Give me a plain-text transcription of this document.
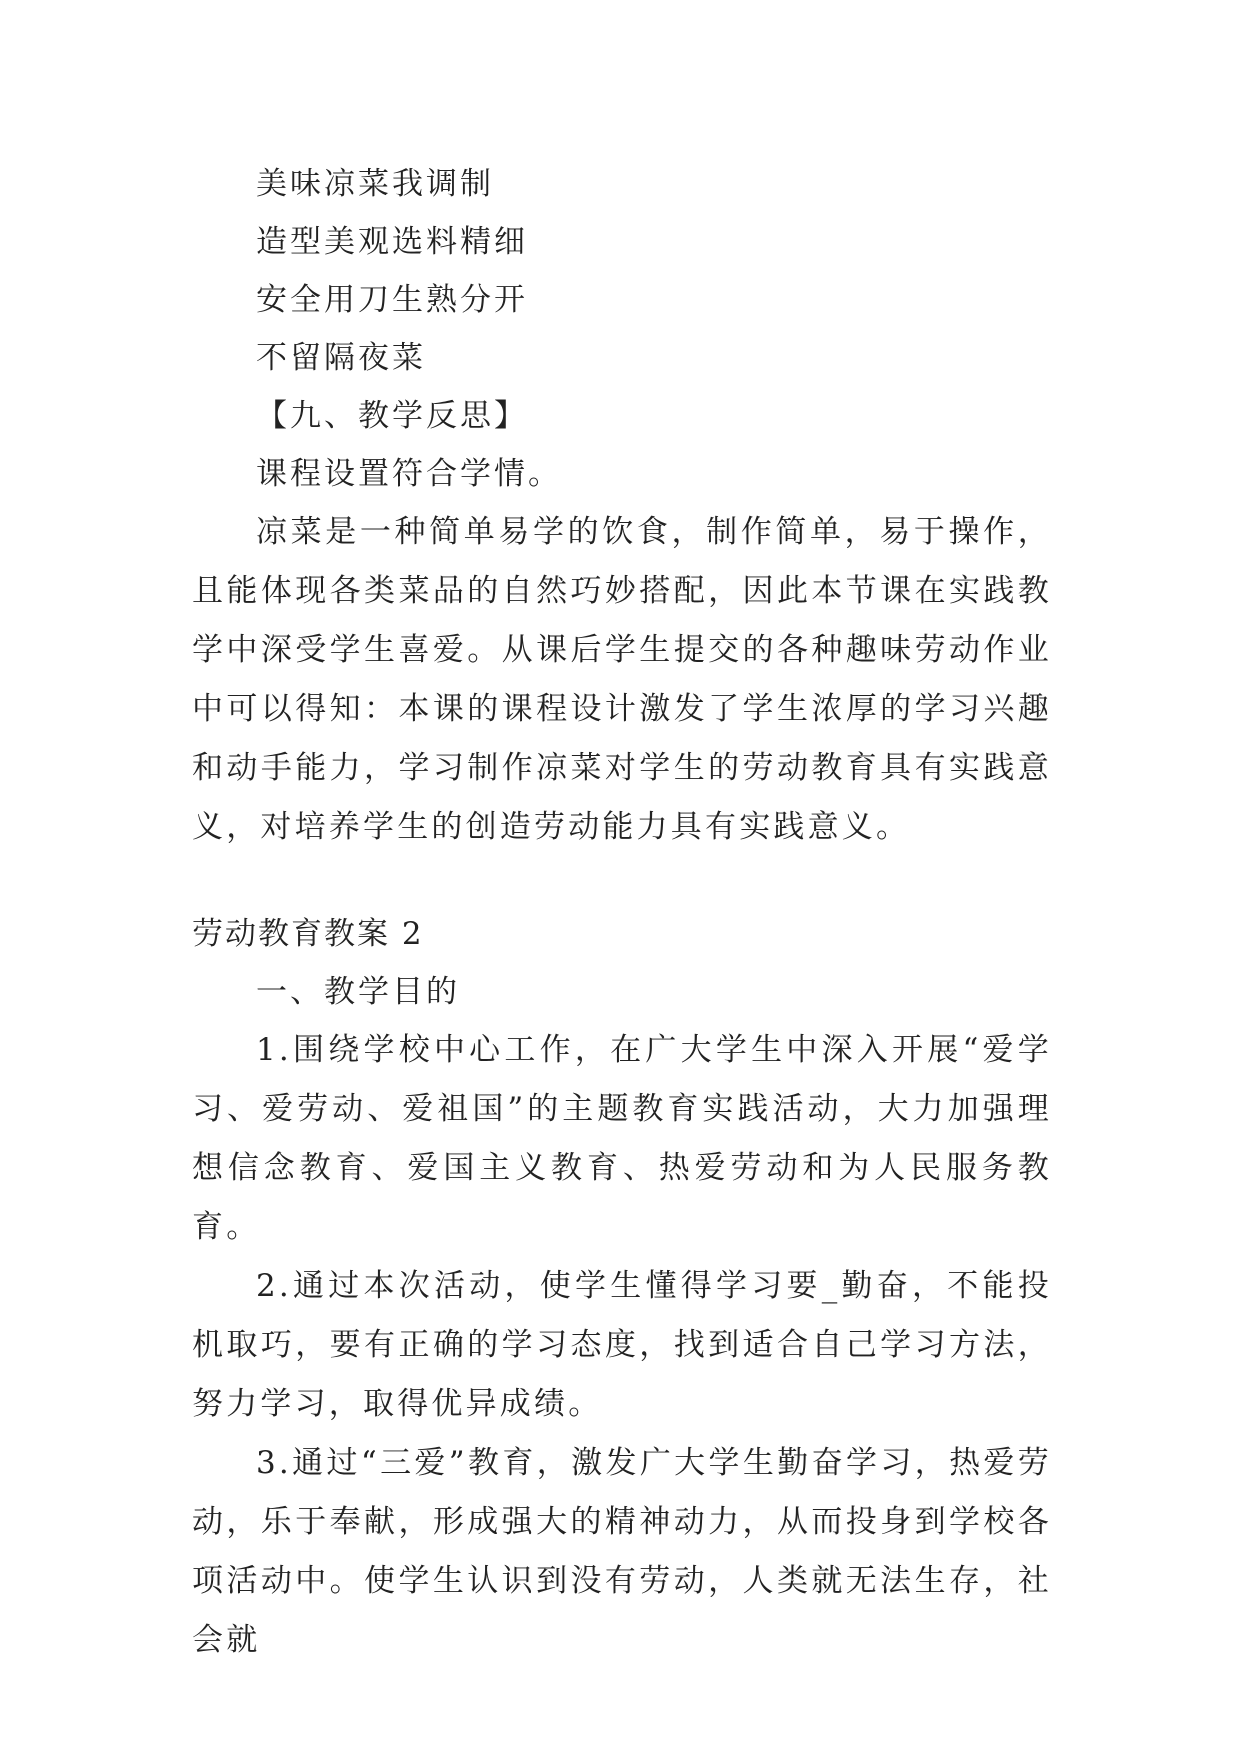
美味凉菜我调制
造型美观选料精细
安全用刀生熟分开
不留隔夜菜
【九、教学反思】
课程设置符合学情。

凉菜是一种简单易学的饮食，制作简单，易于操作，且能体现各类菜品的自然巧妙搭配，因此本节课在实践教学中深受学生喜爱。从课后学生提交的各种趣味劳动作业中可以得知：本课的课程设计激发了学生浓厚的学习兴趣和动手能力，学习制作凉菜对学生的劳动教育具有实践意义，对培养学生的创造劳动能力具有实践意义。

劳动教育教案 2
一、教学目的

1.围绕学校中心工作，在广大学生中深入开展“爱学习、爱劳动、爱祖国”的主题教育实践活动，大力加强理想信念教育、爱国主义教育、热爱劳动和为人民服务教育。

2.通过本次活动，使学生懂得学习要_勤奋，不能投机取巧，要有正确的学习态度，找到适合自己学习方法，努力学习，取得优异成绩。

3.通过“三爱”教育，激发广大学生勤奋学习，热爱劳动，乐于奉献，形成强大的精神动力，从而投身到学校各项活动中。使学生认识到没有劳动，人类就无法生存，社会就
